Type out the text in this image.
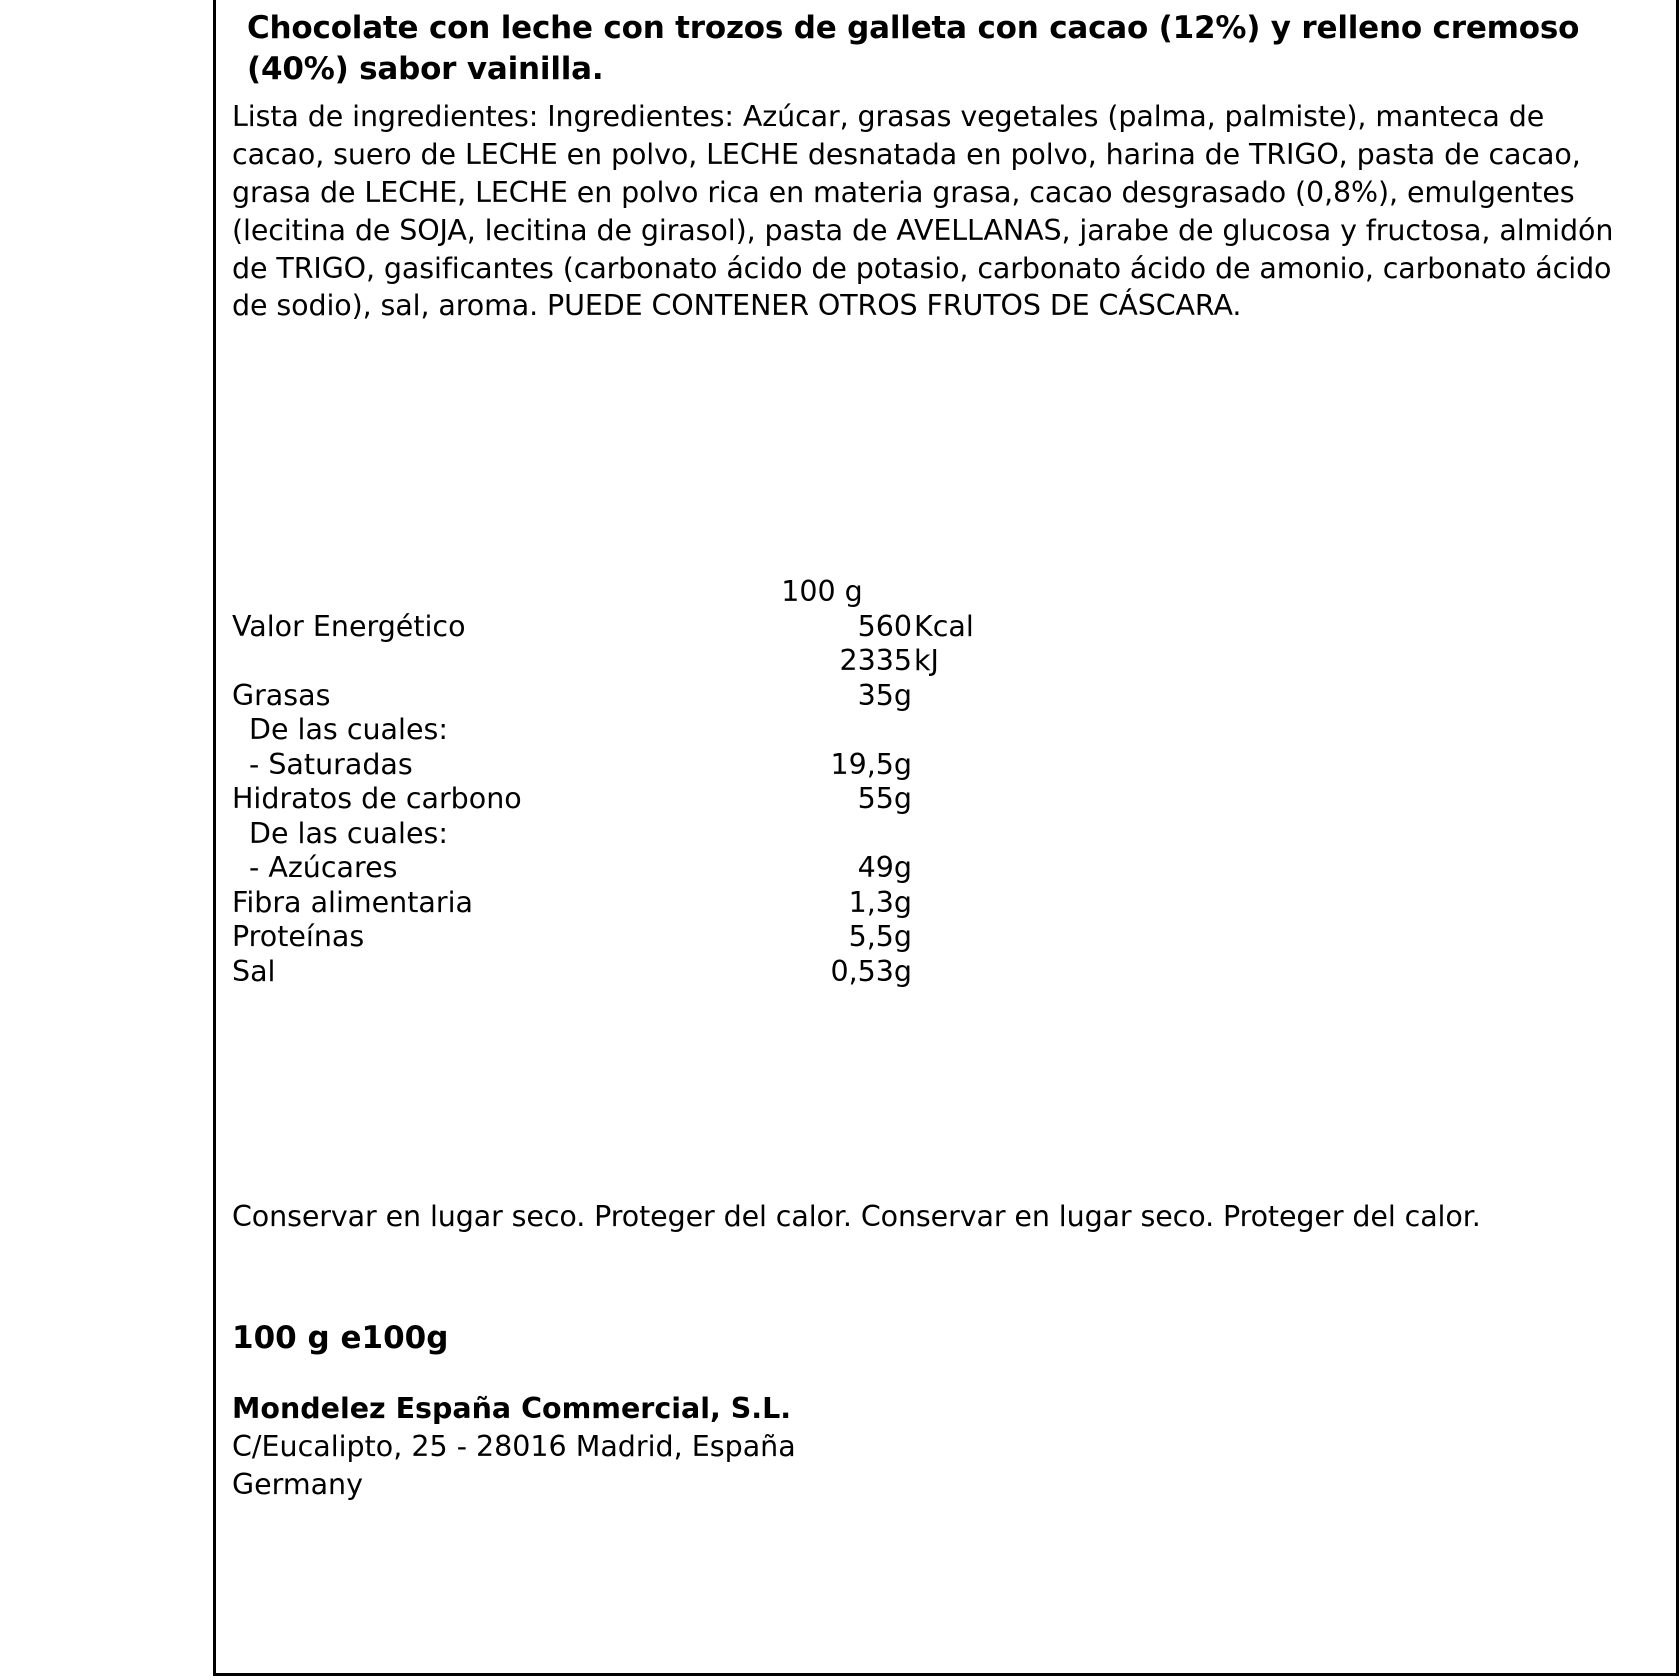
Chocolate con leche con trozos de galleta con cacao (12%) y relleno cremoso (40%) sabor vainilla.
Lista de ingredientes: Ingredientes: Azúcar, grasas vegetales (palma, palmiste), manteca de cacao, suero de LECHE en polvo, LECHE desnatada en polvo, harina de TRIGO, pasta de cacao, grasa de LECHE, LECHE en polvo rica en materia grasa, cacao desgrasado (0,8%), emulgentes (lecitina de SOJA, lecitina de girasol), pasta de AVELLANAS, jarabe de glucosa y fructosa, almidón de TRIGO, gasificantes (carbonato ácido de potasio, carbonato ácido de amonio, carbonato ácido de sodio), sal, aroma. PUEDE CONTENER OTROS FRUTOS DE CÁSCARA.
100 g
Valor Energético	560 Kcal
2335 kJ
Grasas	35g
De las cuales:
- Saturadas	19,5g
Hidratos de carbono	55g
De las cuales:
- Azúcares	49g
Fibra alimentaria	1,3g
Proteínas	5,5g
Sal	0,53g
Conservar en lugar seco. Proteger del calor. Conservar en lugar seco. Proteger del calor.
100 g e100g
Mondelez España Commercial, S.L.
C/Eucalipto, 25 - 28016 Madrid, España
Germany
